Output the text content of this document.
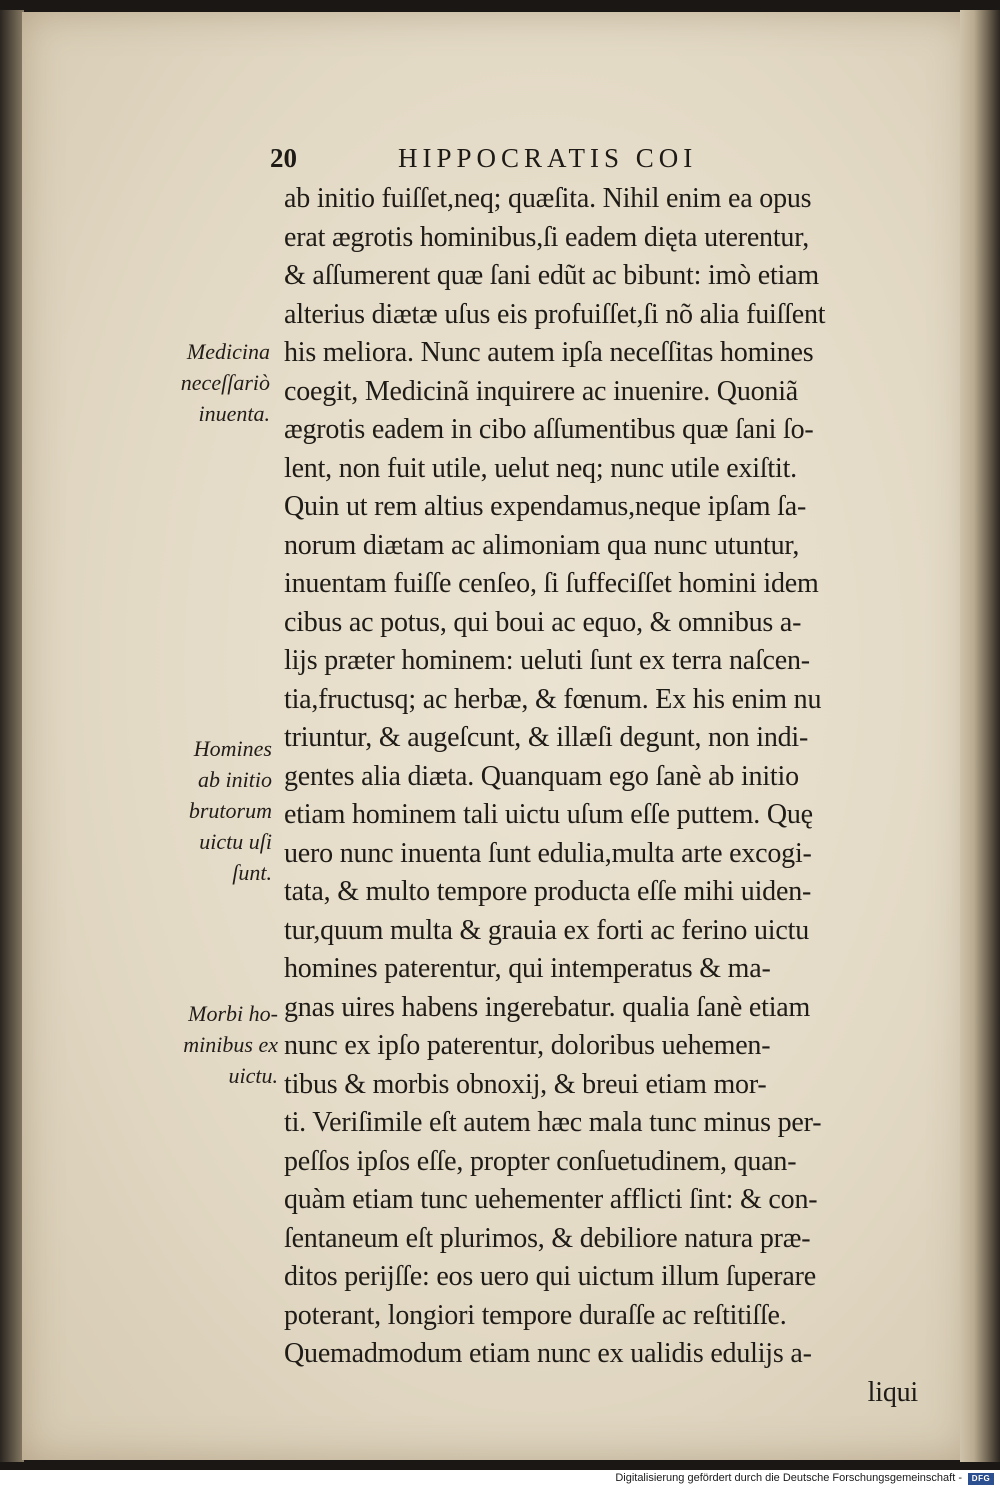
20	HIPPOCRATIS COI
ab initio fuiſſet,neq; quæſita. Nihil enim ea opus
erat ægrotis hominibus,ſi eadem dięta uterentur,
& aſſumerent quæ ſani edũt ac bibunt: imò etiam
alterius diætæ uſus eis profuiſſet,ſi nõ alia fuiſſent
his meliora. Nunc autem ipſa neceſſitas homines
coegit, Medicinã inquirere ac inuenire. Quoniã
ægrotis eadem in cibo aſſumentibus quæ ſani ſo-
lent, non fuit utile, uelut neq; nunc utile exiſtit.
Quin ut rem altius expendamus,neque ipſam ſa-
norum diætam ac alimoniam qua nunc utuntur,
inuentam fuiſſe cenſeo, ſi ſuffeciſſet homini idem
cibus ac potus, qui boui ac equo, & omnibus a-
lijs præter hominem: ueluti ſunt ex terra naſcen-
tia,fructusq; ac herbæ, & fœnum. Ex his enim nu
triuntur, & augeſcunt, & illæſi degunt, non indi-
gentes alia diæta. Quanquam ego ſanè ab initio
etiam hominem tali uictu uſum eſſe puttem. Quę
uero nunc inuenta ſunt edulia,multa arte excogi-
tata, & multo tempore producta eſſe mihi uiden-
tur,quum multa & grauia ex forti ac ferino uictu
homines paterentur, qui intemperatus & ma-
gnas uires habens ingerebatur. qualia ſanè etiam
nunc ex ipſo paterentur, doloribus uehemen-
tibus & morbis obnoxij, & breui etiam mor-
ti. Veriſimile eſt autem hæc mala tunc minus per-
peſſos ipſos eſſe, propter conſuetudinem, quan-
quàm etiam tunc uehementer afflicti ſint: & con-
ſentaneum eſt plurimos, & debiliore natura præ-
ditos perijſſe: eos uero qui uictum illum ſuperare
poterant, longiori tempore duraſſe ac reſtitiſſe.
Quemadmodum etiam nunc ex ualidis edulijs a-
liqui
Medicina
neceſſariò
inuenta.
Homines
ab initio
brutorum
uictu uſi
ſunt.
Morbi ho-
minibus ex
uictu.
Digitalisierung gefördert durch die Deutsche Forschungsgemeinschaft -	DFG
